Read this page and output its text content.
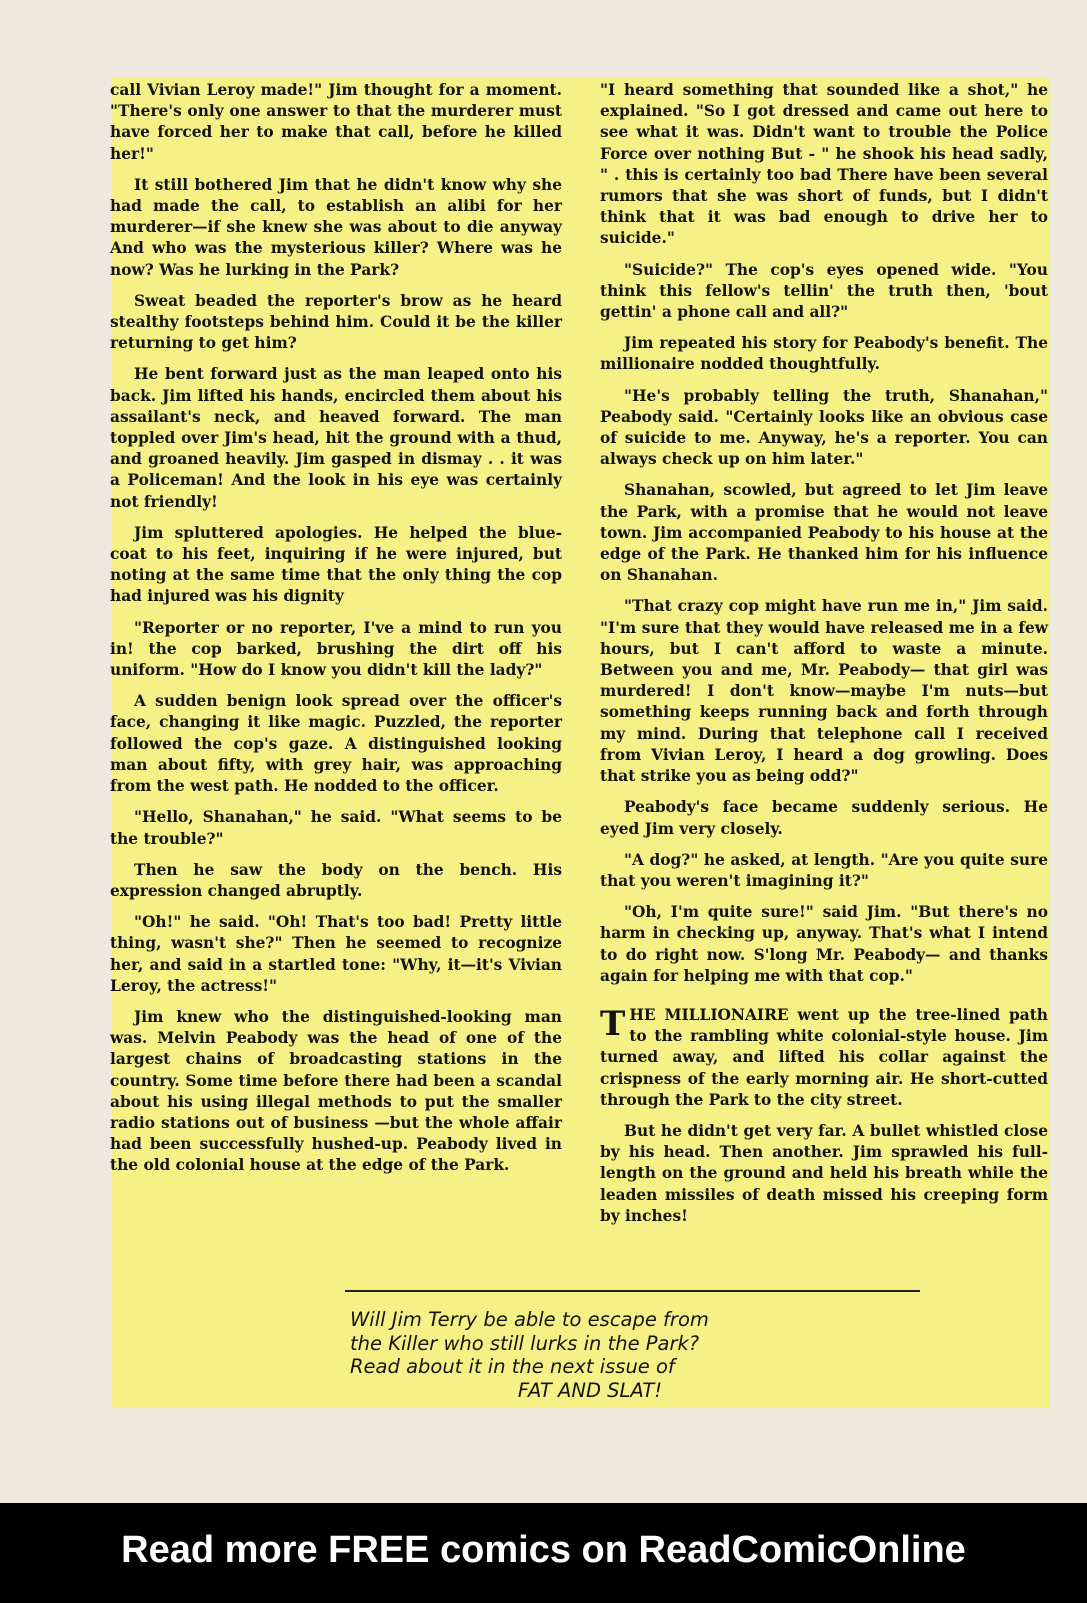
call Vivian Leroy made!" Jim thought for a moment. "There's only one answer to that the murderer must have forced her to make that call, before he killed her!"

It still bothered Jim that he didn't know why she had made the call, to establish an alibi for her murderer—if she knew she was about to die anyway And who was the mysterious killer? Where was he now? Was he lurking in the Park?

Sweat beaded the reporter's brow as he heard stealthy footsteps behind him. Could it be the killer returning to get him?

He bent forward just as the man leaped onto his back. Jim lifted his hands, encircled them about his assailant's neck, and heaved forward. The man toppled over Jim's head, hit the ground with a thud, and groaned heavily. Jim gasped in dismay . . it was a Policeman! And the look in his eye was certainly not friendly!

Jim spluttered apologies. He helped the blue-coat to his feet, inquiring if he were injured, but noting at the same time that the only thing the cop had injured was his dignity

"Reporter or no reporter, I've a mind to run you in! the cop barked, brushing the dirt off his uniform. "How do I know you didn't kill the lady?"

A sudden benign look spread over the officer's face, changing it like magic. Puzzled, the reporter followed the cop's gaze. A distinguished looking man about fifty, with grey hair, was approaching from the west path. He nodded to the officer.

"Hello, Shanahan," he said. "What seems to be the trouble?"

Then he saw the body on the bench. His expression changed abruptly.

"Oh!" he said. "Oh! That's too bad! Pretty little thing, wasn't she?" Then he seemed to recognize her, and said in a startled tone: "Why, it—it's Vivian Leroy, the actress!"

Jim knew who the distinguished-looking man was. Melvin Peabody was the head of one of the largest chains of broadcasting stations in the country. Some time before there had been a scandal about his using illegal methods to put the smaller radio stations out of business —but the whole affair had been successfully hushed-up. Peabody lived in the old colonial house at the edge of the Park.

"I heard something that sounded like a shot," he explained. "So I got dressed and came out here to see what it was. Didn't want to trouble the Police Force over nothing But - " he shook his head sadly, " . this is certainly too bad There have been several rumors that she was short of funds, but I didn't think that it was bad enough to drive her to suicide."

"Suicide?" The cop's eyes opened wide. "You think this fellow's tellin' the truth then, 'bout gettin' a phone call and all?"

Jim repeated his story for Peabody's benefit. The millionaire nodded thoughtfully.

"He's probably telling the truth, Shanahan," Peabody said. "Certainly looks like an obvious case of suicide to me. Anyway, he's a reporter. You can always check up on him later."

Shanahan, scowled, but agreed to let Jim leave the Park, with a promise that he would not leave town. Jim accompanied Peabody to his house at the edge of the Park. He thanked him for his influence on Shanahan.

"That crazy cop might have run me in," Jim said. "I'm sure that they would have released me in a few hours, but I can't afford to waste a minute. Between you and me, Mr. Peabody— that girl was murdered! I don't know—maybe I'm nuts—but something keeps running back and forth through my mind. During that telephone call I received from Vivian Leroy, I heard a dog growling. Does that strike you as being odd?"

Peabody's face became suddenly serious. He eyed Jim very closely.

"A dog?" he asked, at length. "Are you quite sure that you weren't imagining it?"

"Oh, I'm quite sure!" said Jim. "But there's no harm in checking up, anyway. That's what I intend to do right now. S'long Mr. Peabody— and thanks again for helping me with that cop."

THE MILLIONAIRE went up the tree-lined path to the rambling white colonial-style house. Jim turned away, and lifted his collar against the crispness of the early morning air. He short-cutted through the Park to the city street.

But he didn't get very far. A bullet whistled close by his head. Then another. Jim sprawled his full-length on the ground and held his breath while the leaden missiles of death missed his creeping form by inches!

Will Jim Terry be able to escape from
the Killer who still lurks in the Park?
Read about it in the next issue of
FAT AND SLAT!
Read more FREE comics on ReadComicOnline
